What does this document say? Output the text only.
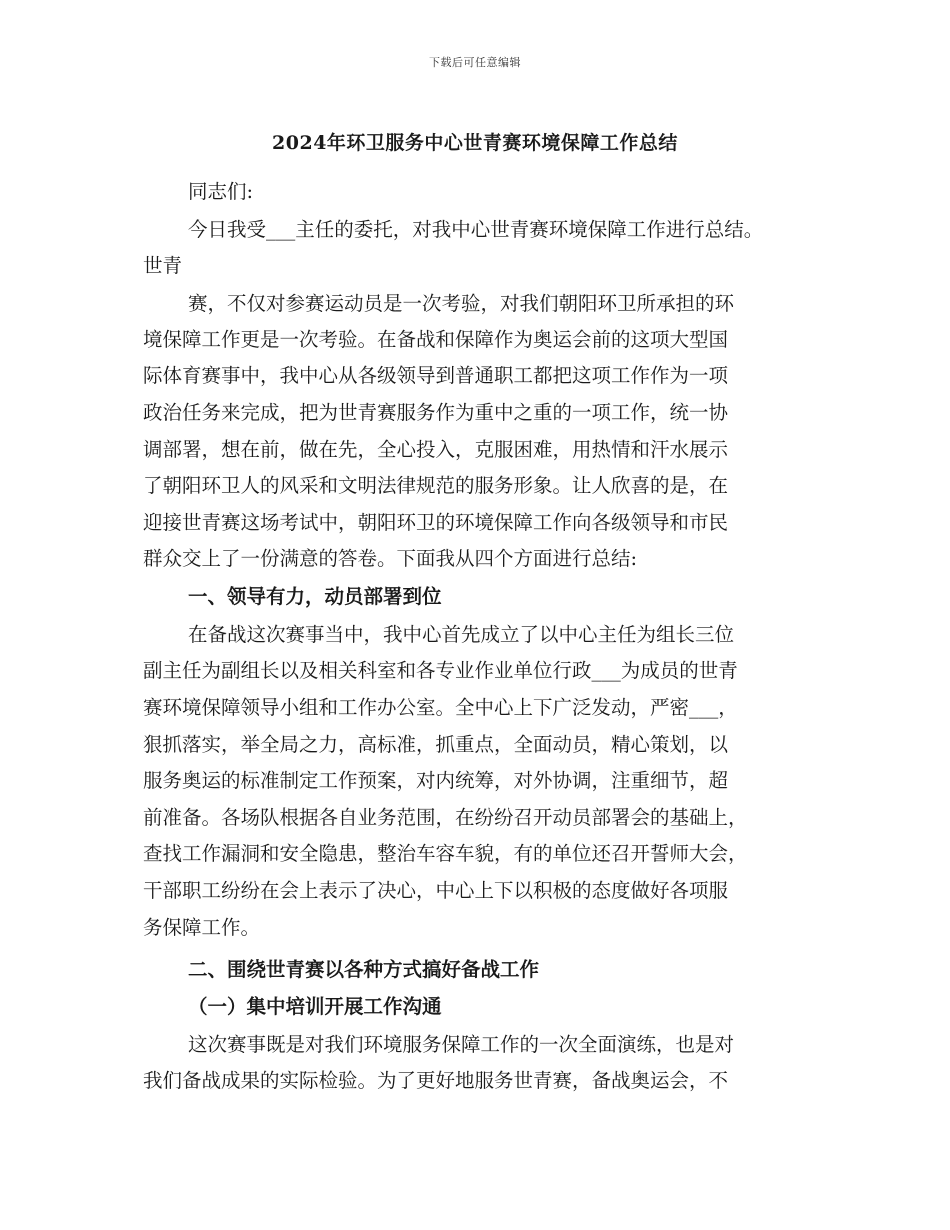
下载后可任意编辑
2024年环卫服务中心世青赛环境保障工作总结
同志们:
今日我受___主任的委托，对我中心世青赛环境保障工作进行总结。
世青
赛，不仅对参赛运动员是一次考验，对我们朝阳环卫所承担的环
境保障工作更是一次考验。在备战和保障作为奥运会前的这项大型国
际体育赛事中，我中心从各级领导到普通职工都把这项工作作为一项
政治任务来完成，把为世青赛服务作为重中之重的一项工作，统一协
调部署，想在前，做在先，全心投入，克服困难，用热情和汗水展示
了朝阳环卫人的风采和文明法律规范的服务形象。让人欣喜的是，在
迎接世青赛这场考试中，朝阳环卫的环境保障工作向各级领导和市民
群众交上了一份满意的答卷。下面我从四个方面进行总结:
一、领导有力，动员部署到位
在备战这次赛事当中，我中心首先成立了以中心主任为组长三位
副主任为副组长以及相关科室和各专业作业单位行政___为成员的世青
赛环境保障领导小组和工作办公室。全中心上下广泛发动，严密___，
狠抓落实，举全局之力，高标准，抓重点，全面动员，精心策划，以
服务奥运的标准制定工作预案，对内统筹，对外协调，注重细节，超
前准备。各场队根据各自业务范围，在纷纷召开动员部署会的基础上，
查找工作漏洞和安全隐患，整治车容车貌，有的单位还召开誓师大会，
干部职工纷纷在会上表示了决心，中心上下以积极的态度做好各项服
务保障工作。
二、围绕世青赛以各种方式搞好备战工作
（一）集中培训开展工作沟通
这次赛事既是对我们环境服务保障工作的一次全面演练，也是对
我们备战成果的实际检验。为了更好地服务世青赛，备战奥运会，不
